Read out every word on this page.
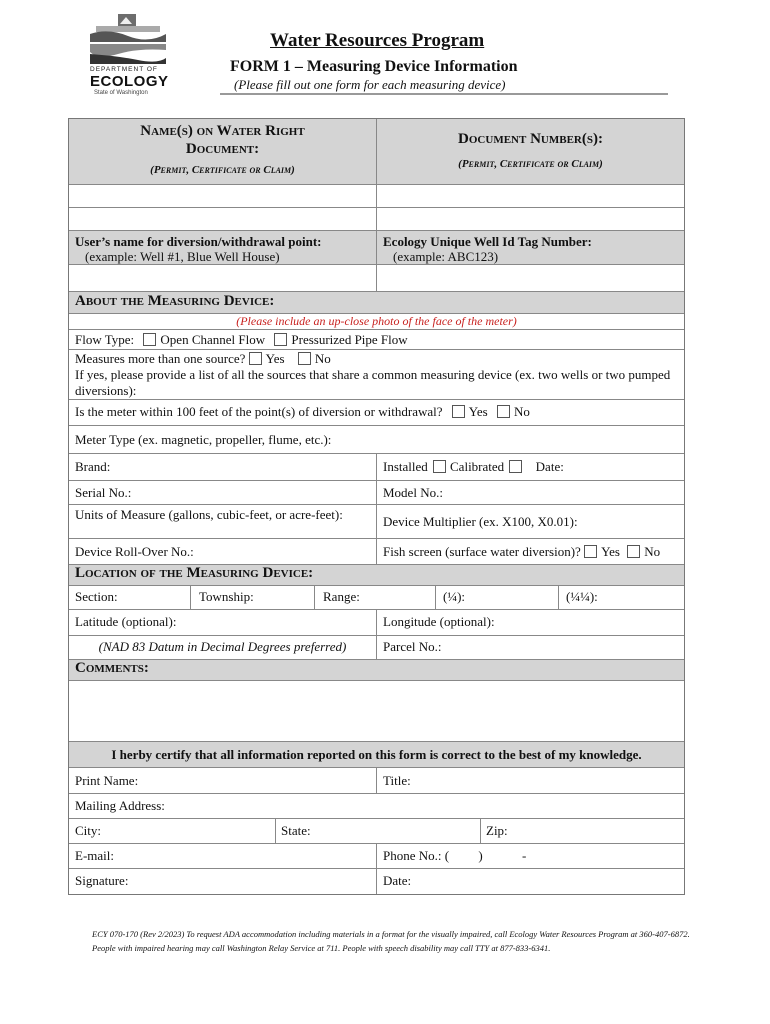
DEPARTMENT OF
ECOLOGY
State of Washington
Water Resources Program
FORM 1 – Measuring Device Information
(Please fill out one form for each measuring device)
Name(s) on Water Right Document:
(Permit, Certificate or Claim)
Document Number(s):
(Permit, Certificate or Claim)
User’s name for diversion/withdrawal point:
(example: Well #1, Blue Well House)
Ecology Unique Well Id Tag Number:
(example: ABC123)
About the Measuring Device:
(Please include an up-close photo of the face of the meter)
Flow Type: Open Channel Flow Pressurized Pipe Flow
Measures more than one source? Yes No
If yes, please provide a list of all the sources that share a common measuring device (ex. two wells or two pumped diversions):
Is the meter within 100 feet of the point(s) of diversion or withdrawal? Yes No
Meter Type (ex. magnetic, propeller, flume, etc.):
Brand:	Installed Calibrated Date:
Serial No.:	Model No.:
Units of Measure (gallons, cubic-feet, or acre-feet):	Device Multiplier (ex. X100, X0.01):
Device Roll-Over No.:	Fish screen (surface water diversion)? Yes No
Location of the Measuring Device:
Section:	Township:	Range:	(¼):	(¼¼):
Latitude (optional):	Longitude (optional):
(NAD 83 Datum in Decimal Degrees preferred)	Parcel No.:
Comments:
I herby certify that all information reported on this form is correct to the best of my knowledge.
Print Name:	Title:
Mailing Address:
City:	State:	Zip:
E-mail:	Phone No.: ( )	-
Signature:	Date:
ECY 070-170 (Rev 2/2023) To request ADA accommodation including materials in a format for the visually impaired, call Ecology Water Resources Program at 360-407-6872. People with impaired hearing may call Washington Relay Service at 711. People with speech disability may call TTY at 877-833-6341.
